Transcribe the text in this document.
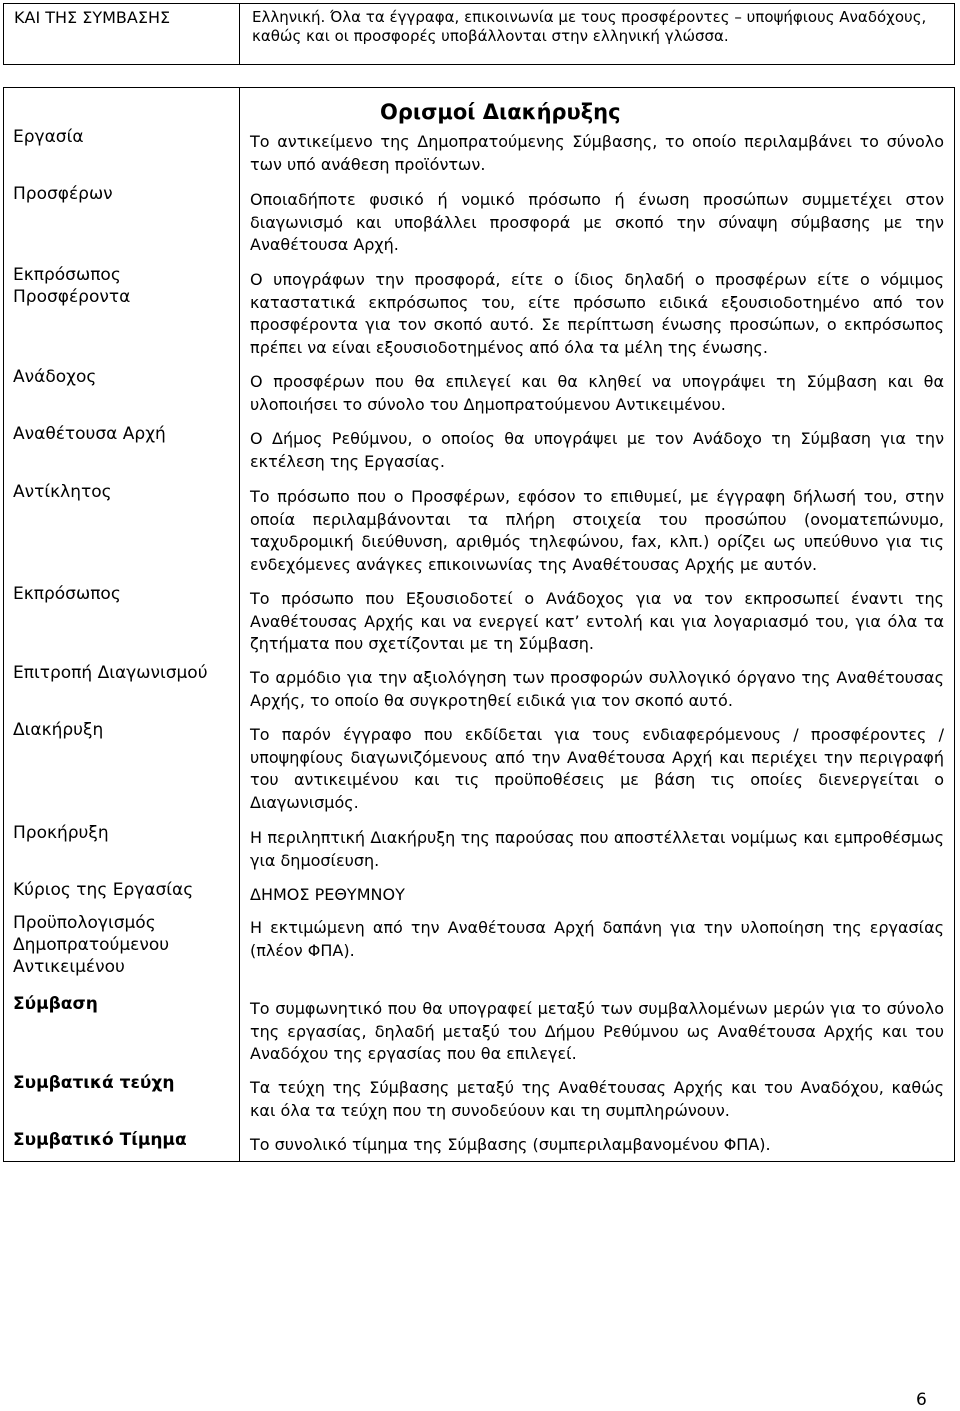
ΚΑΙ ΤΗΣ ΣΥΜΒΑΣΗΣ	Ελληνική. Όλα τα έγγραφα, επικοινωνία με τους προσφέροντες – υποψήφιους Αναδόχους, καθώς και οι προσφορές υποβάλλονται στην ελληνική γλώσσα.
Ορισμοί Διακήρυξης
Εργασία
Προσφέρων
Εκπρόσωπος Προσφέροντα
Ανάδοχος
Αναθέτουσα Αρχή
Αντίκλητος
Εκπρόσωπος
Επιτροπή Διαγωνισμού
Διακήρυξη
Προκήρυξη
Κύριος της Εργασίας
Προϋπολογισμός Δημοπρατούμενου Αντικειμένου
Σύμβαση
Συμβατικά τεύχη
Συμβατικό Τίμημα
Το αντικείμενο της Δημοπρατούμενης Σύμβασης, το οποίο περιλαμβάνει το σύνολο των υπό ανάθεση προϊόντων.
Οποιαδήποτε φυσικό ή νομικό πρόσωπο ή ένωση προσώπων συμμετέχει στον διαγωνισμό και υποβάλλει προσφορά με σκοπό την σύναψη σύμβασης με την Αναθέτουσα Αρχή.
Ο υπογράφων την προσφορά, είτε ο ίδιος δηλαδή ο προσφέρων είτε ο νόμιμος καταστατικά εκπρόσωπος του, είτε πρόσωπο ειδικά εξουσιοδοτημένο από τον προσφέροντα για τον σκοπό αυτό. Σε περίπτωση ένωσης προσώπων, ο εκπρόσωπος πρέπει να είναι εξουσιοδοτημένος από όλα τα μέλη της ένωσης.
Ο προσφέρων που θα επιλεγεί και θα κληθεί να υπογράψει τη Σύμβαση και θα υλοποιήσει το σύνολο του Δημοπρατούμενου Αντικειμένου.
Ο Δήμος Ρεθύμνου, ο οποίος θα υπογράψει με τον Ανάδοχο τη Σύμβαση για την εκτέλεση της Εργασίας.
Το πρόσωπο που ο Προσφέρων, εφόσον το επιθυμεί, με έγγραφη δήλωσή του, στην οποία περιλαμβάνονται τα πλήρη στοιχεία του προσώπου (ονοματεπώνυμο, ταχυδρομική διεύθυνση, αριθμός τηλεφώνου, fax, κλπ.) ορίζει ως υπεύθυνο για τις ενδεχόμενες ανάγκες επικοινωνίας της Αναθέτουσας Αρχής με αυτόν.
Το πρόσωπο που Εξουσιοδοτεί ο Ανάδοχος για να τον εκπροσωπεί έναντι της Αναθέτουσας Αρχής και να ενεργεί κατ’ εντολή και για λογαριασμό του, για όλα τα ζητήματα που σχετίζονται με τη Σύμβαση.
Το αρμόδιο για την αξιολόγηση των προσφορών συλλογικό όργανο της Αναθέτουσας Αρχής, το οποίο θα συγκροτηθεί ειδικά για τον σκοπό αυτό.
Το παρόν έγγραφο που εκδίδεται για τους ενδιαφερόμενους / προσφέροντες / υποψηφίους διαγωνιζόμενους από την Αναθέτουσα Αρχή και περιέχει την περιγραφή του αντικειμένου και τις προϋποθέσεις με βάση τις οποίες διενεργείται ο Διαγωνισμός.
Η περιληπτική Διακήρυξη της παρούσας που αποστέλλεται νομίμως και εμπροθέσμως για δημοσίευση.
ΔΗΜΟΣ ΡΕΘΥΜΝΟΥ
Η εκτιμώμενη από την Αναθέτουσα Αρχή δαπάνη για την υλοποίηση της εργασίας (πλέον ΦΠΑ).
Το συμφωνητικό που θα υπογραφεί μεταξύ των συμβαλλομένων μερών για το σύνολο της εργασίας, δηλαδή μεταξύ του Δήμου Ρεθύμνου ως Αναθέτουσα Αρχής και του Αναδόχου της εργασίας που θα επιλεγεί.
Τα τεύχη της Σύμβασης μεταξύ της Αναθέτουσας Αρχής και του Αναδόχου, καθώς και όλα τα τεύχη που τη συνοδεύουν και τη συμπληρώνουν.
Το συνολικό τίμημα της Σύμβασης (συμπεριλαμβανομένου ΦΠΑ).
6
